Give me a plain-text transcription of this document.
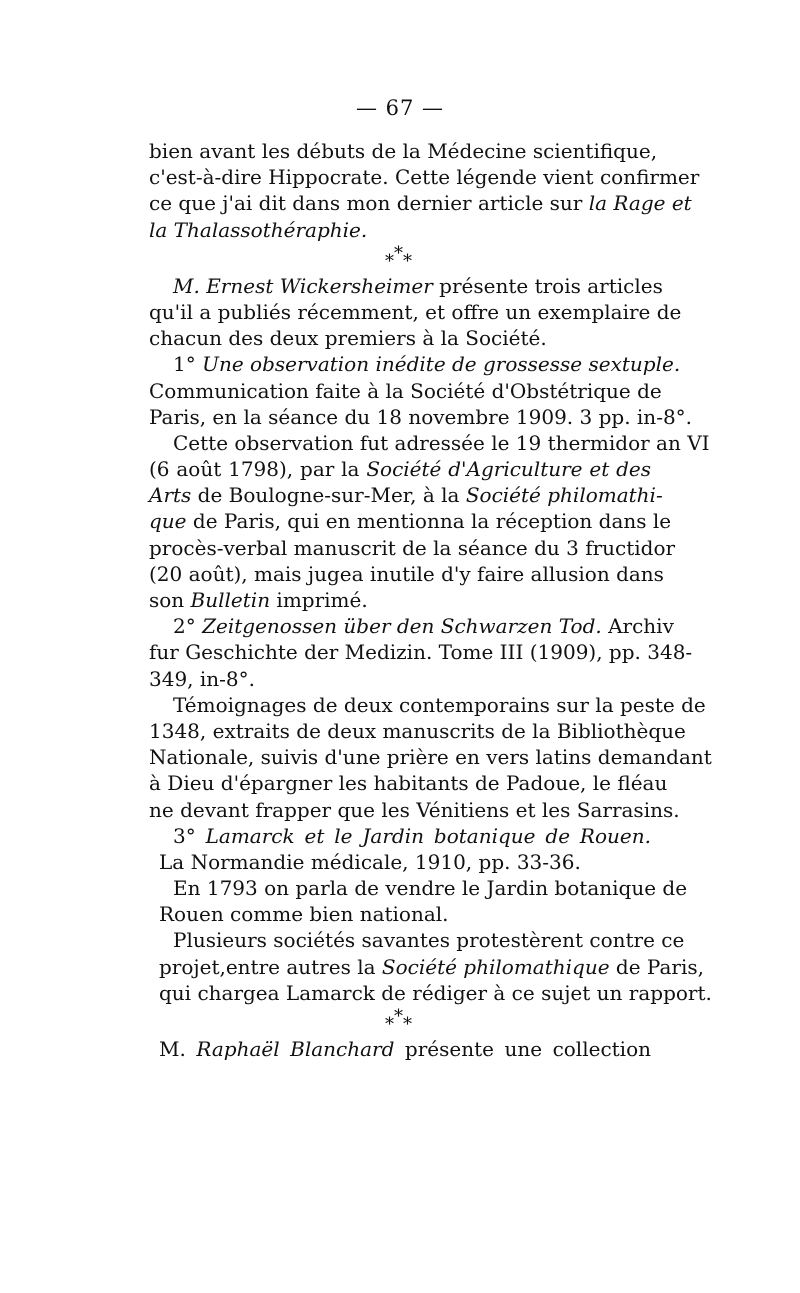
— 67 —
bien avant les débuts de la Médecine scientifique,
c'est-à-dire Hippocrate. Cette légende vient confirmer
ce que j'ai dit dans mon dernier article sur la Rage et
la Thalassothéraphie.
*
* *
M. Ernest Wickersheimer présente trois articles
qu'il a publiés récemment, et offre un exemplaire de
chacun des deux premiers à la Société.
1° Une observation inédite de grossesse sextuple.
Communication faite à la Société d'Obstétrique de
Paris, en la séance du 18 novembre 1909. 3 pp. in-8°.
Cette observation fut adressée le 19 thermidor an VI
(6 août 1798), par la Société d'Agriculture et des
Arts de Boulogne-sur-Mer, à la Société philomathi-
que de Paris, qui en mentionna la réception dans le
procès-verbal manuscrit de la séance du 3 fructidor
(20 août), mais jugea inutile d'y faire allusion dans
son Bulletin imprimé.
2° Zeitgenossen über den Schwarzen Tod. Archiv
fur Geschichte der Medizin. Tome III (1909), pp. 348-
349, in-8°.
Témoignages de deux contemporains sur la peste de
1348, extraits de deux manuscrits de la Bibliothèque
Nationale, suivis d'une prière en vers latins demandant
à Dieu d'épargner les habitants de Padoue, le fléau
ne devant frapper que les Vénitiens et les Sarrasins.
3° Lamarck et le Jardin botanique de Rouen.
La Normandie médicale, 1910, pp. 33-36.
En 1793 on parla de vendre le Jardin botanique de
Rouen comme bien national.
Plusieurs sociétés savantes protestèrent contre ce
projet,entre autres la Société philomathique de Paris,
qui chargea Lamarck de rédiger à ce sujet un rapport.
*
* *
M. Raphaël Blanchard présente une collection
